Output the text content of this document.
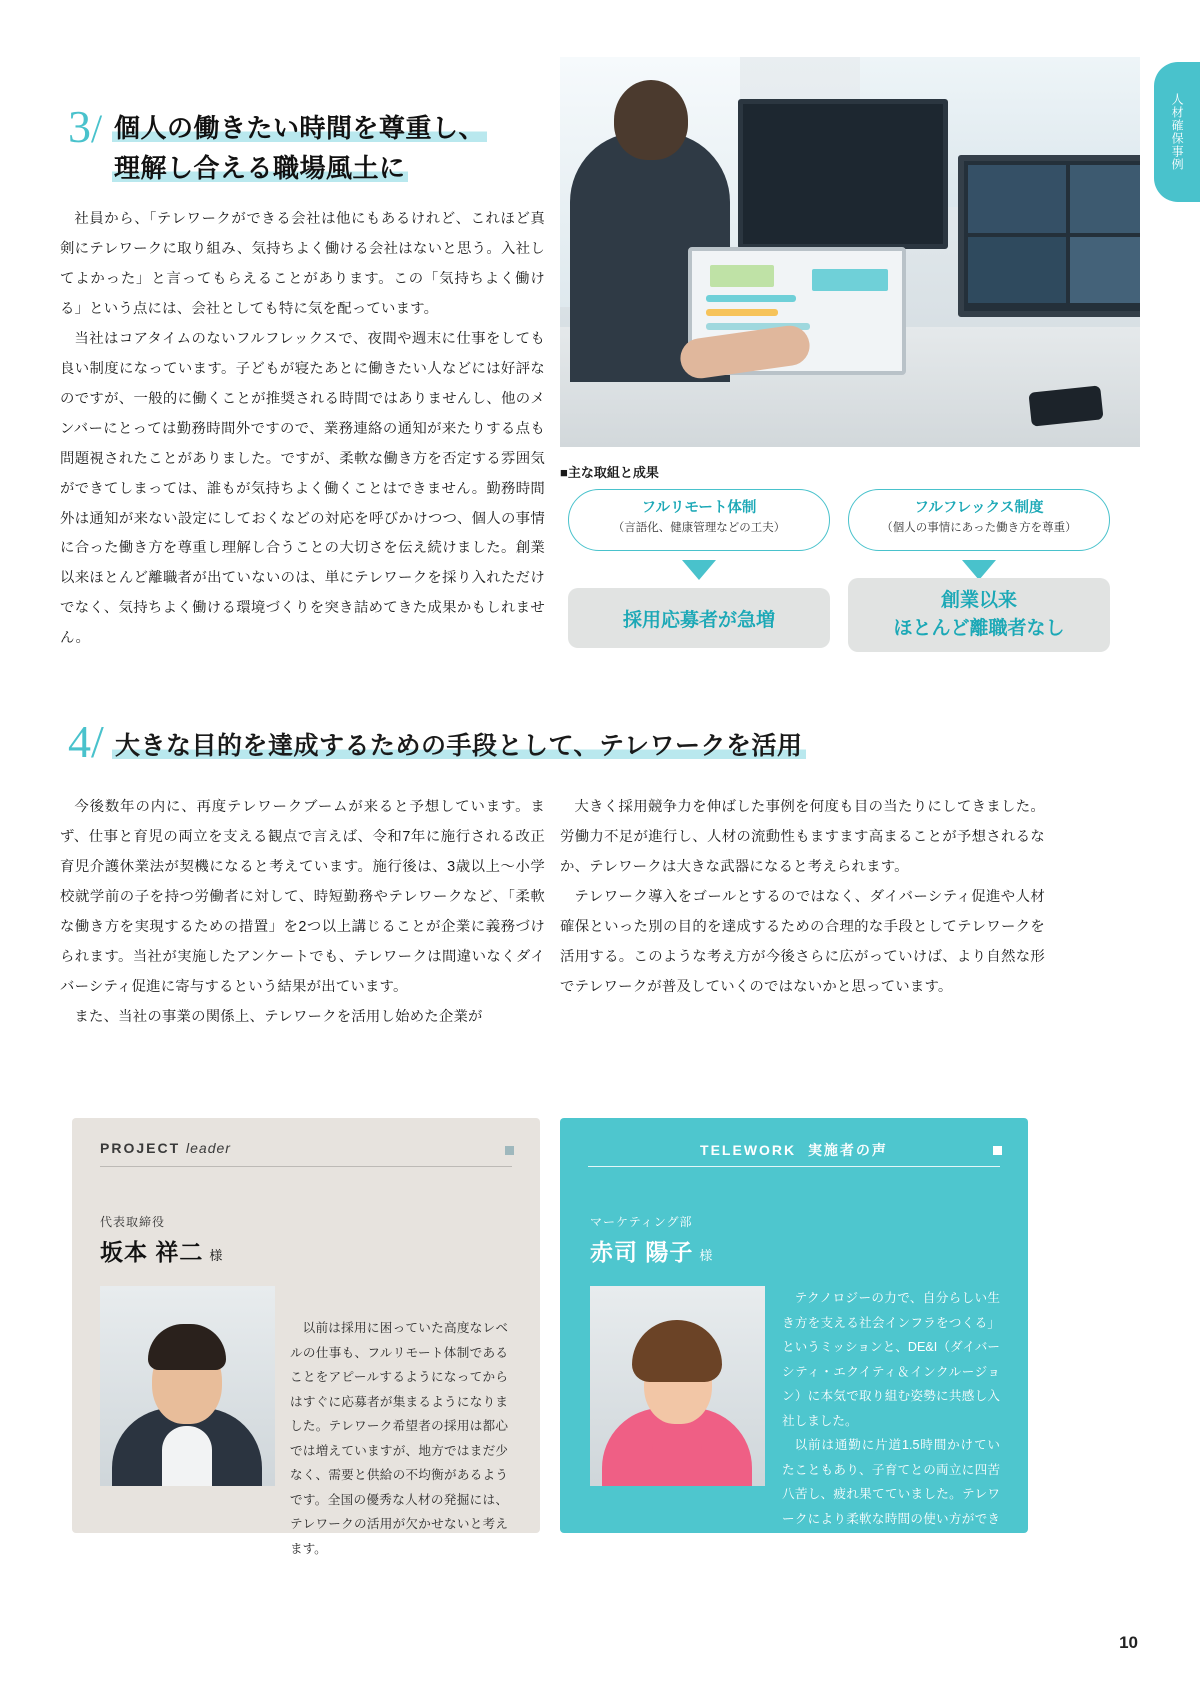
人材確保事例
3/ 個人の働きたい時間を尊重し、
理解し合える職場風土に

社員から、「テレワークができる会社は他にもあるけれど、これほど真剣にテレワークに取り組み、気持ちよく働ける会社はないと思う。入社してよかった」と言ってもらえることがあります。この「気持ちよく働ける」という点には、会社としても特に気を配っています。

当社はコアタイムのないフルフレックスで、夜間や週末に仕事をしても良い制度になっています。子どもが寝たあとに働きたい人などには好評なのですが、一般的に働くことが推奨される時間ではありませんし、他のメンバーにとっては勤務時間外ですので、業務連絡の通知が来たりする点も問題視されたことがありました。ですが、柔軟な働き方を否定する雰囲気ができてしまっては、誰もが気持ちよく働くことはできません。勤務時間外は通知が来ない設定にしておくなどの対応を呼びかけつつ、個人の事情に合った働き方を尊重し理解し合うことの大切さを伝え続けました。創業以来ほとんど離職者が出ていないのは、単にテレワークを採り入れただけでなく、気持ちよく働ける環境づくりを突き詰めてきた成果かもしれません。

■主な取組と成果
フルリモート体制
（言語化、健康管理などの工夫）
フルフレックス制度
（個人の事情にあった働き方を尊重）
採用応募者が急増
創業以来
ほとんど離職者なし
4/ 大きな目的を達成するための手段として、テレワークを活用

今後数年の内に、再度テレワークブームが来ると予想しています。まず、仕事と育児の両立を支える観点で言えば、令和7年に施行される改正育児介護休業法が契機になると考えています。施行後は、3歳以上〜小学校就学前の子を持つ労働者に対して、時短勤務やテレワークなど、「柔軟な働き方を実現するための措置」を2つ以上講じることが企業に義務づけられます。当社が実施したアンケートでも、テレワークは間違いなくダイバーシティ促進に寄与するという結果が出ています。

また、当社の事業の関係上、テレワークを活用し始めた企業が

大きく採用競争力を伸ばした事例を何度も目の当たりにしてきました。労働力不足が進行し、人材の流動性もますます高まることが予想されるなか、テレワークは大きな武器になると考えられます。

テレワーク導入をゴールとするのではなく、ダイバーシティ促進や人材確保といった別の目的を達成するための合理的な手段としてテレワークを活用する。このような考え方が今後さらに広がっていけば、より自然な形でテレワークが普及していくのではないかと思っています。

PROJECT leader
代表取締役
坂本 祥二 様

以前は採用に困っていた高度なレベルの仕事も、フルリモート体制であることをアピールするようになってからはすぐに応募者が集まるようになりました。テレワーク希望者の採用は都心では増えていますが、地方ではまだ少なく、需要と供給の不均衡があるようです。全国の優秀な人材の発掘には、テレワークの活用が欠かせないと考えます。

TELEWORK 実施者の声
マーケティング部
赤司 陽子 様

テクノロジーの力で、自分らしい生き方を支える社会インフラをつくる」というミッションと、DE&I（ダイバーシティ・エクイティ＆インクルージョン）に本気で取り組む姿勢に共感し入社しました。

以前は通勤に片道1.5時間かけていたこともあり、子育てとの両立に四苦八苦し、疲れ果てていました。テレワークにより柔軟な時間の使い方ができるようになった今は、仕事へのコミットも上がり、ダイナミックな挑戦ができています。

10
